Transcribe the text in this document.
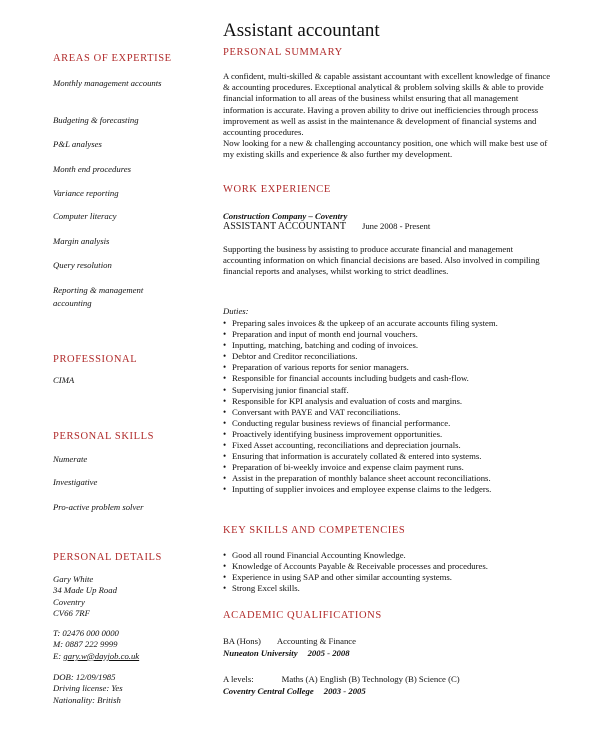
Assistant accountant
AREAS OF EXPERTISE
Monthly management accounts
Budgeting & forecasting
P&L analyses
Month end procedures
Variance reporting
Computer literacy
Margin analysis
Query resolution
Reporting & management accounting
PROFESSIONAL
CIMA
PERSONAL SKILLS
Numerate
Investigative
Pro-active problem solver
PERSONAL DETAILS
Gary White
34 Made Up Road
Coventry
CV66 7RF
T: 02476 000 0000
M: 0887 222 9999
E: gary.w@dayjob.co.uk
DOB: 12/09/1985
Driving license: Yes
Nationality: British
PERSONAL SUMMARY

A confident, multi-skilled & capable assistant accountant with excellent knowledge of finance & accounting procedures. Exceptional analytical & problem solving skills & able to provide financial information to all areas of the business whilst ensuring that all management information is accurate. Having a proven ability to drive out inefficiencies through process improvement as well as assist in the maintenance & development of financial systems and accounting procedures.

Now looking for a new & challenging accountancy position, one which will make best use of my existing skills and experience & also further my development.

WORK EXPERIENCE
Construction Company – Coventry
ASSISTANT ACCOUNTANT June 2008 - Present
Supporting the business by assisting to produce accurate financial and management accounting information on which financial decisions are based. Also involved in compiling financial reports and analyses, whilst working to strict deadlines.
Duties:
• Preparing sales invoices & the upkeep of an accurate accounts filing system.
• Preparation and input of month end journal vouchers.
• Inputting, matching, batching and coding of invoices.
• Debtor and Creditor reconciliations.
• Preparation of various reports for senior managers.
• Responsible for financial accounts including budgets and cash-flow.
• Supervising junior financial staff.
• Responsible for KPI analysis and evaluation of costs and margins.
• Conversant with PAYE and VAT reconciliations.
• Conducting regular business reviews of financial performance.
• Proactively identifying business improvement opportunities.
• Fixed Asset accounting, reconciliations and depreciation journals.
• Ensuring that information is accurately collated & entered into systems.
• Preparation of bi-weekly invoice and expense claim payment runs.
• Assist in the preparation of monthly balance sheet account reconciliations.
• Inputting of supplier invoices and employee expense claims to the ledgers.
KEY SKILLS AND COMPETENCIES
• Good all round Financial Accounting Knowledge.
• Knowledge of Accounts Payable & Receivable processes and procedures.
• Experience in using SAP and other similar accounting systems.
• Strong Excel skills.
ACADEMIC QUALIFICATIONS
BA (Hons) Accounting & Finance
Nuneaton University 2005 - 2008
A levels:	Maths (A) English (B) Technology (B) Science (C)
Coventry Central College 2003 - 2005
